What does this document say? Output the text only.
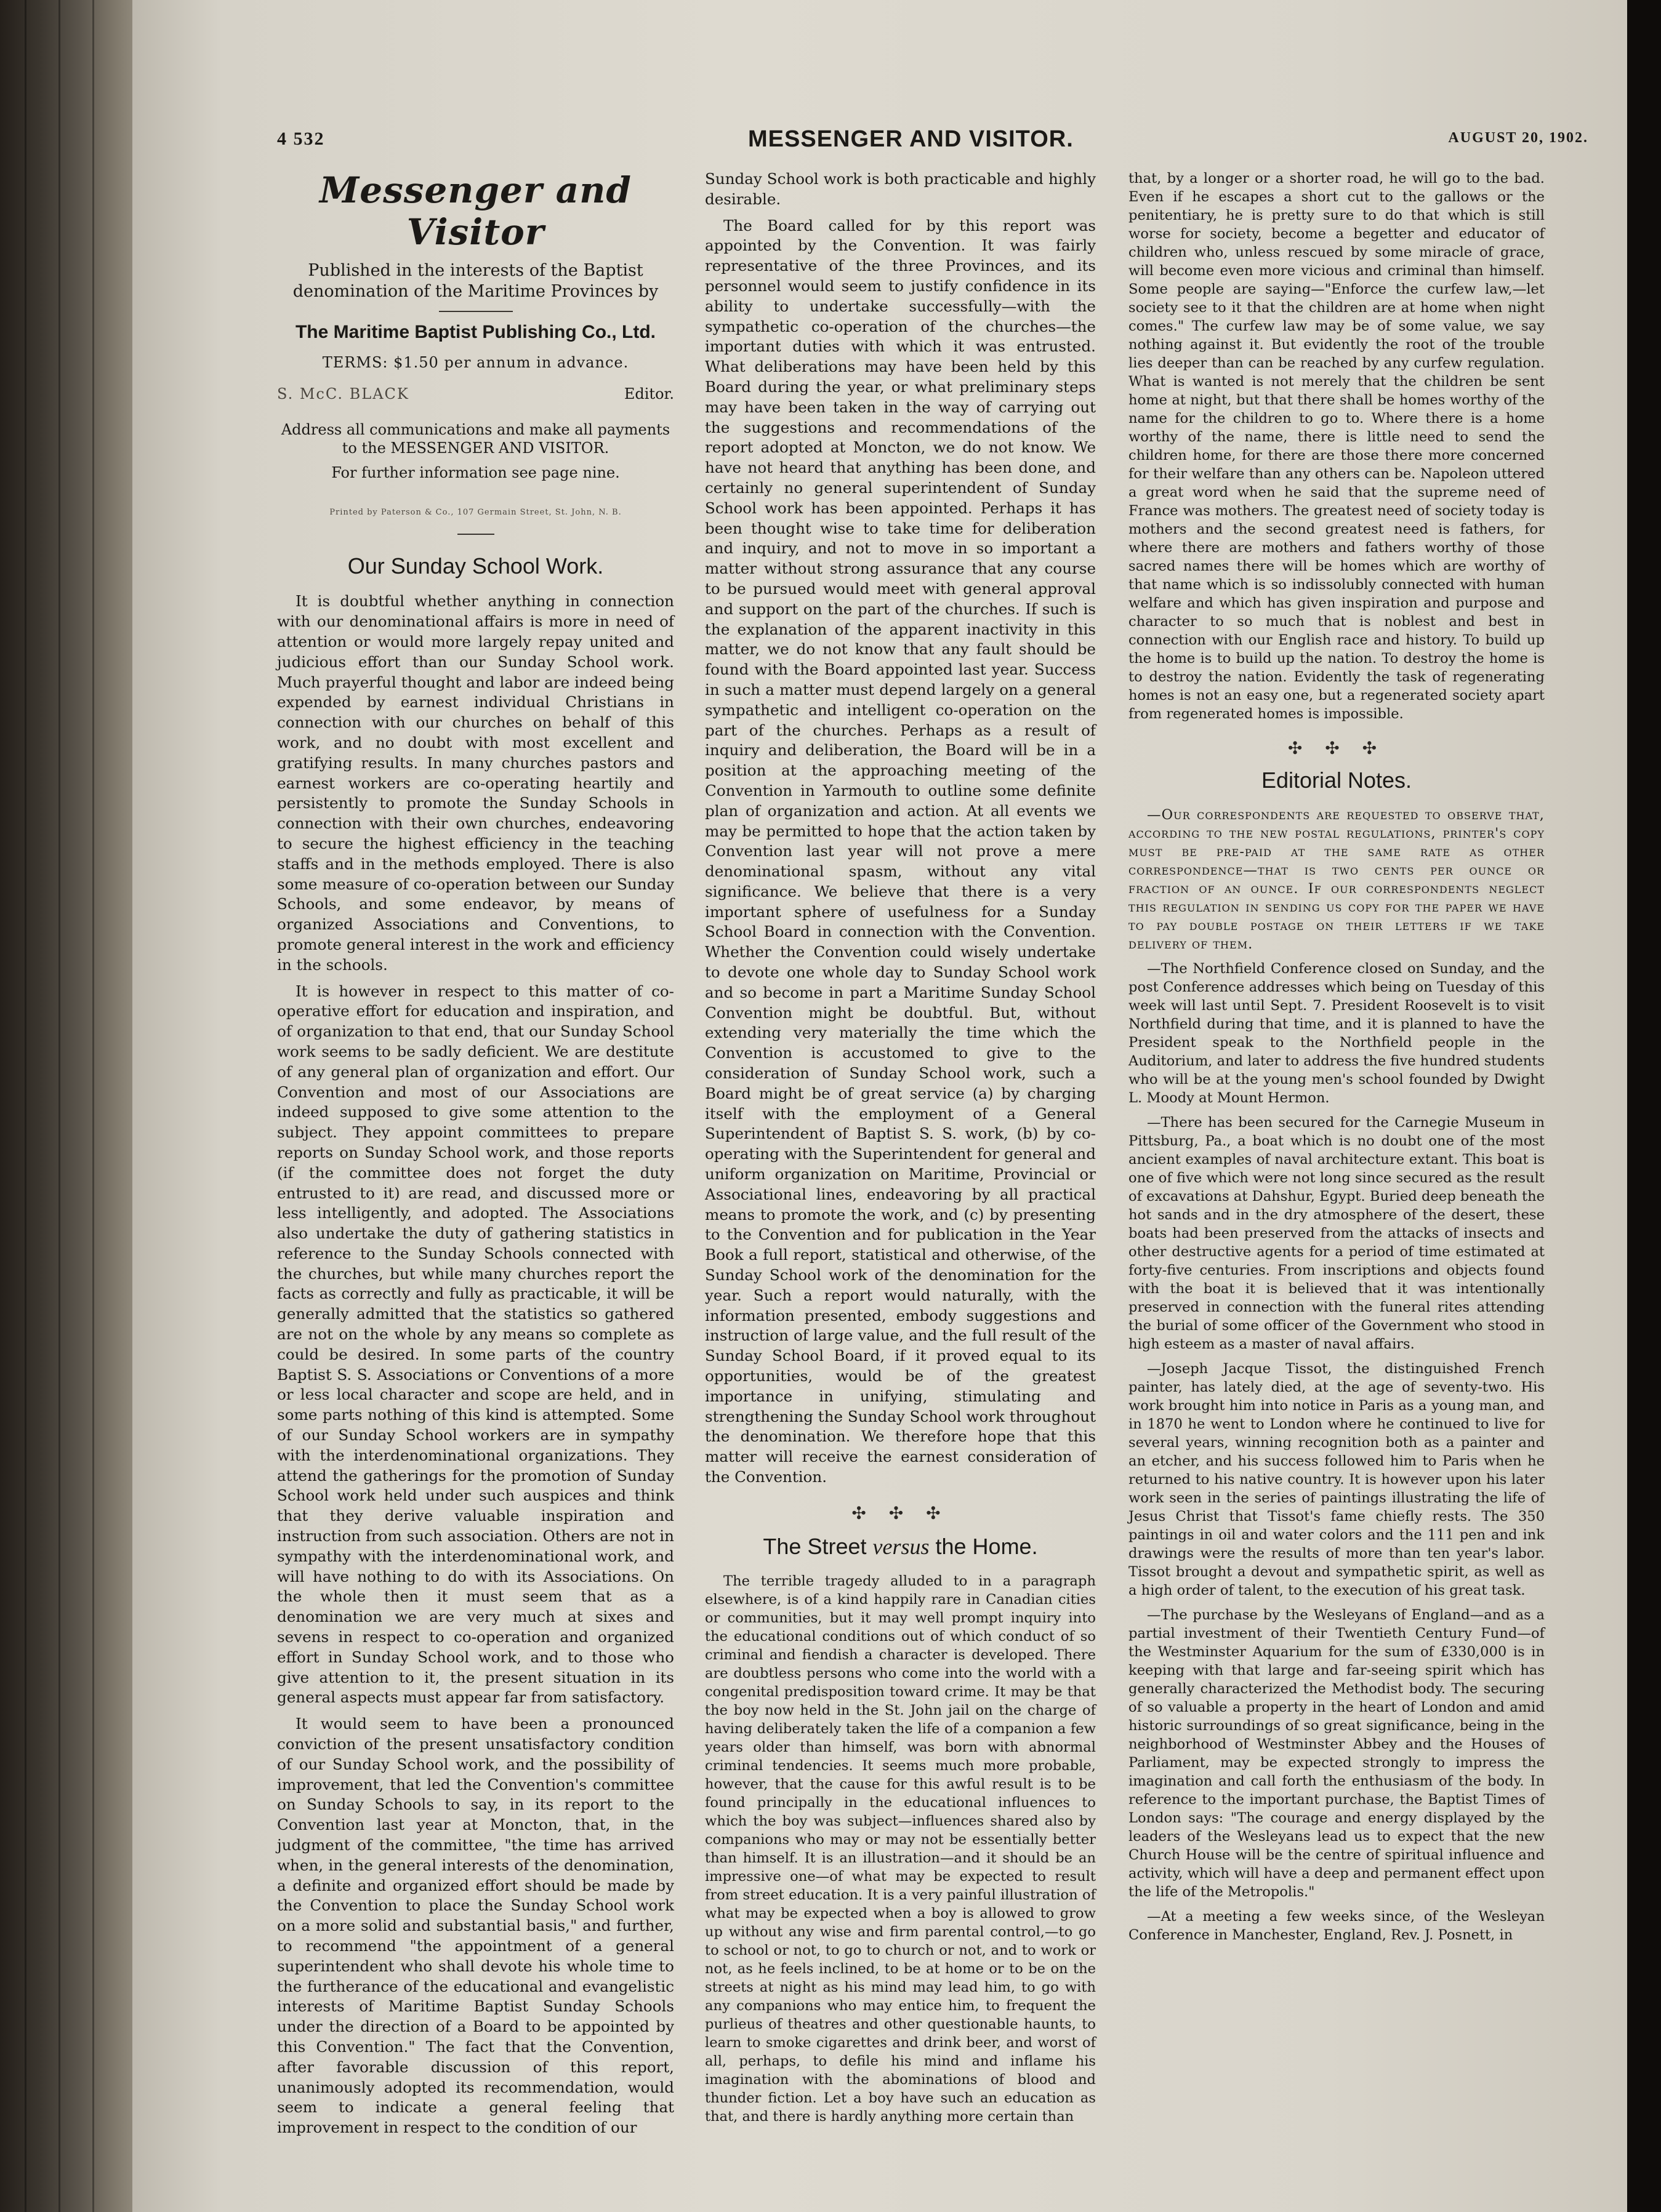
4 532	MESSENGER AND VISITOR.	AUGUST 20, 1902.
Messenger and Visitor

Published in the interests of the Baptist denomination of the Maritime Provinces by

The Maritime Baptist Publishing Co., Ltd.
TERMS: $1.50 per annum in advance.
S. McC. BLACK	Editor.

Address all communications and make all payments to the MESSENGER AND VISITOR.

For further information see page nine.

Printed by Paterson & Co., 107 Germain Street, St. John, N. B.
Our Sunday School Work.

It is doubtful whether anything in connection with our denominational affairs is more in need of attention or would more largely repay united and judicious effort than our Sunday School work. Much prayerful thought and labor are indeed being expended by earnest individual Christians in connection with our churches on behalf of this work, and no doubt with most excellent and gratifying results. In many churches pastors and earnest workers are co-operating heartily and persistently to promote the Sunday Schools in connection with their own churches, endeavoring to secure the highest efficiency in the teaching staffs and in the methods employed. There is also some measure of co-operation between our Sunday Schools, and some endeavor, by means of organized Associations and Conventions, to promote general interest in the work and efficiency in the schools.

It is however in respect to this matter of co-operative effort for education and inspiration, and of organization to that end, that our Sunday School work seems to be sadly deficient. We are destitute of any general plan of organization and effort. Our Convention and most of our Associations are indeed supposed to give some attention to the subject. They appoint committees to prepare reports on Sunday School work, and those reports (if the committee does not forget the duty entrusted to it) are read, and discussed more or less intelligently, and adopted. The Associations also undertake the duty of gathering statistics in reference to the Sunday Schools connected with the churches, but while many churches report the facts as correctly and fully as practicable, it will be generally admitted that the statistics so gathered are not on the whole by any means so complete as could be desired. In some parts of the country Baptist S. S. Associations or Conventions of a more or less local character and scope are held, and in some parts nothing of this kind is attempted. Some of our Sunday School workers are in sympathy with the interdenominational organizations. They attend the gatherings for the promotion of Sunday School work held under such auspices and think that they derive valuable inspiration and instruction from such association. Others are not in sympathy with the interdenominational work, and will have nothing to do with its Associations. On the whole then it must seem that as a denomination we are very much at sixes and sevens in respect to co-operation and organized effort in Sunday School work, and to those who give attention to it, the present situation in its general aspects must appear far from satisfactory.

It would seem to have been a pronounced conviction of the present unsatisfactory condition of our Sunday School work, and the possibility of improvement, that led the Convention's committee on Sunday Schools to say, in its report to the Convention last year at Moncton, that, in the judgment of the committee, "the time has arrived when, in the general interests of the denomination, a definite and organized effort should be made by the Convention to place the Sunday School work on a more solid and substantial basis," and further, to recommend "the appointment of a general superintendent who shall devote his whole time to the furtherance of the educational and evangelistic interests of Maritime Baptist Sunday Schools under the direction of a Board to be appointed by this Convention." The fact that the Convention, after favorable discussion of this report, unanimously adopted its recommendation, would seem to indicate a general feeling that improvement in respect to the condition of our

Sunday School work is both practicable and highly desirable.

The Board called for by this report was appointed by the Convention. It was fairly representative of the three Provinces, and its personnel would seem to justify confidence in its ability to undertake successfully—with the sympathetic co-operation of the churches—the important duties with which it was entrusted. What deliberations may have been held by this Board during the year, or what preliminary steps may have been taken in the way of carrying out the suggestions and recommendations of the report adopted at Moncton, we do not know. We have not heard that anything has been done, and certainly no general superintendent of Sunday School work has been appointed. Perhaps it has been thought wise to take time for deliberation and inquiry, and not to move in so important a matter without strong assurance that any course to be pursued would meet with general approval and support on the part of the churches. If such is the explanation of the apparent inactivity in this matter, we do not know that any fault should be found with the Board appointed last year. Success in such a matter must depend largely on a general sympathetic and intelligent co-operation on the part of the churches. Perhaps as a result of inquiry and deliberation, the Board will be in a position at the approaching meeting of the Convention in Yarmouth to outline some definite plan of organization and action. At all events we may be permitted to hope that the action taken by Convention last year will not prove a mere denominational spasm, without any vital significance. We believe that there is a very important sphere of usefulness for a Sunday School Board in connection with the Convention. Whether the Convention could wisely undertake to devote one whole day to Sunday School work and so become in part a Maritime Sunday School Convention might be doubtful. But, without extending very materially the time which the Convention is accustomed to give to the consideration of Sunday School work, such a Board might be of great service (a) by charging itself with the employment of a General Superintendent of Baptist S. S. work, (b) by co-operating with the Superintendent for general and uniform organization on Maritime, Provincial or Associational lines, endeavoring by all practical means to promote the work, and (c) by presenting to the Convention and for publication in the Year Book a full report, statistical and otherwise, of the Sunday School work of the denomination for the year. Such a report would naturally, with the information presented, embody suggestions and instruction of large value, and the full result of the Sunday School Board, if it proved equal to its opportunities, would be of the greatest importance in unifying, stimulating and strengthening the Sunday School work throughout the denomination. We therefore hope that this matter will receive the earnest consideration of the Convention.

✣ ✣ ✣
The Street versus the Home.

The terrible tragedy alluded to in a paragraph elsewhere, is of a kind happily rare in Canadian cities or communities, but it may well prompt inquiry into the educational conditions out of which conduct of so criminal and fiendish a character is developed. There are doubtless persons who come into the world with a congenital predisposition toward crime. It may be that the boy now held in the St. John jail on the charge of having deliberately taken the life of a companion a few years older than himself, was born with abnormal criminal tendencies. It seems much more probable, however, that the cause for this awful result is to be found principally in the educational influences to which the boy was subject—influences shared also by companions who may or may not be essentially better than himself. It is an illustration—and it should be an impressive one—of what may be expected to result from street education. It is a very painful illustration of what may be expected when a boy is allowed to grow up without any wise and firm parental control,—to go to school or not, to go to church or not, and to work or not, as he feels inclined, to be at home or to be on the streets at night as his mind may lead him, to go with any companions who may entice him, to frequent the purlieus of theatres and other questionable haunts, to learn to smoke cigarettes and drink beer, and worst of all, perhaps, to defile his mind and inflame his imagination with the abominations of blood and thunder fiction. Let a boy have such an education as that, and there is hardly anything more certain than

that, by a longer or a shorter road, he will go to the bad. Even if he escapes a short cut to the gallows or the penitentiary, he is pretty sure to do that which is still worse for society, become a begetter and educator of children who, unless rescued by some miracle of grace, will become even more vicious and criminal than himself. Some people are saying—"Enforce the curfew law,—let society see to it that the children are at home when night comes." The curfew law may be of some value, we say nothing against it. But evidently the root of the trouble lies deeper than can be reached by any curfew regulation. What is wanted is not merely that the children be sent home at night, but that there shall be homes worthy of the name for the children to go to. Where there is a home worthy of the name, there is little need to send the children home, for there are those there more concerned for their welfare than any others can be. Napoleon uttered a great word when he said that the supreme need of France was mothers. The greatest need of society today is mothers and the second greatest need is fathers, for where there are mothers and fathers worthy of those sacred names there will be homes which are worthy of that name which is so indissolubly connected with human welfare and which has given inspiration and purpose and character to so much that is noblest and best in connection with our English race and history. To build up the home is to build up the nation. To destroy the home is to destroy the nation. Evidently the task of regenerating homes is not an easy one, but a regenerated society apart from regenerated homes is impossible.

✣ ✣ ✣
Editorial Notes.

—Our correspondents are requested to observe that, according to the new postal regulations, printer's copy must be pre-paid at the same rate as other correspondence—that is two cents per ounce or fraction of an ounce. If our correspondents neglect this regulation in sending us copy for the paper we have to pay double postage on their letters if we take delivery of them.

—The Northfield Conference closed on Sunday, and the post Conference addresses which being on Tuesday of this week will last until Sept. 7. President Roosevelt is to visit Northfield during that time, and it is planned to have the President speak to the Northfield people in the Auditorium, and later to address the five hundred students who will be at the young men's school founded by Dwight L. Moody at Mount Hermon.

—There has been secured for the Carnegie Museum in Pittsburg, Pa., a boat which is no doubt one of the most ancient examples of naval architecture extant. This boat is one of five which were not long since secured as the result of excavations at Dahshur, Egypt. Buried deep beneath the hot sands and in the dry atmosphere of the desert, these boats had been preserved from the attacks of insects and other destructive agents for a period of time estimated at forty-five centuries. From inscriptions and objects found with the boat it is believed that it was intentionally preserved in connection with the funeral rites attending the burial of some officer of the Government who stood in high esteem as a master of naval affairs.

—Joseph Jacque Tissot, the distinguished French painter, has lately died, at the age of seventy-two. His work brought him into notice in Paris as a young man, and in 1870 he went to London where he continued to live for several years, winning recognition both as a painter and an etcher, and his success followed him to Paris when he returned to his native country. It is however upon his later work seen in the series of paintings illustrating the life of Jesus Christ that Tissot's fame chiefly rests. The 350 paintings in oil and water colors and the 111 pen and ink drawings were the results of more than ten year's labor. Tissot brought a devout and sympathetic spirit, as well as a high order of talent, to the execution of his great task.

—The purchase by the Wesleyans of England—and as a partial investment of their Twentieth Century Fund—of the Westminster Aquarium for the sum of £330,000 is in keeping with that large and far-seeing spirit which has generally characterized the Methodist body. The securing of so valuable a property in the heart of London and amid historic surroundings of so great significance, being in the neighborhood of Westminster Abbey and the Houses of Parliament, may be expected strongly to impress the imagination and call forth the enthusiasm of the body. In reference to the important purchase, the Baptist Times of London says: "The courage and energy displayed by the leaders of the Wesleyans lead us to expect that the new Church House will be the centre of spiritual influence and activity, which will have a deep and permanent effect upon the life of the Metropolis."

—At a meeting a few weeks since, of the Wesleyan Conference in Manchester, England, Rev. J. Posnett, in
